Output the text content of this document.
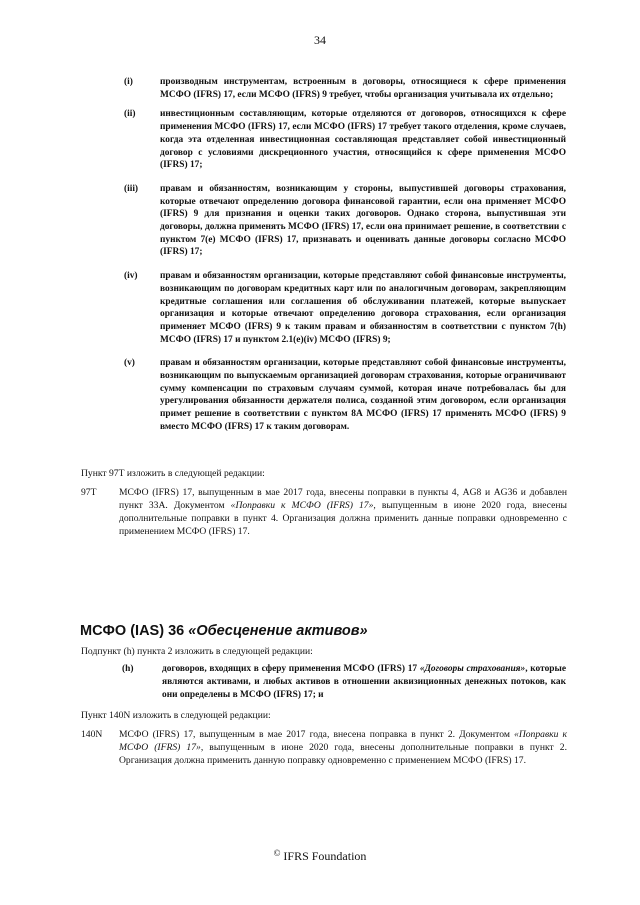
34
(i)	производным инструментам, встроенным в договоры, относящиеся к сфере применения МСФО (IFRS) 17, если МСФО (IFRS) 9 требует, чтобы организация учитывала их отдельно;
(ii)	инвестиционным составляющим, которые отделяются от договоров, относящихся к сфере применения МСФО (IFRS) 17, если МСФО (IFRS) 17 требует такого отделения, кроме случаев, когда эта отделенная инвестиционная составляющая представляет собой инвестиционный договор с условиями дискреционного участия, относящийся к сфере применения МСФО (IFRS) 17;
(iii) правам и обязанностям, возникающим у стороны, выпустившей договоры страхования, которые отвечают определению договора финансовой гарантии, если она применяет МСФО (IFRS) 9 для признания и оценки таких договоров. Однако сторона, выпустившая эти договоры, должна применять МСФО (IFRS) 17, если она принимает решение, в соответствии с пунктом 7(е) МСФО (IFRS) 17, признавать и оценивать данные договоры согласно МСФО (IFRS) 17;
(iv) правам и обязанностям организации, которые представляют собой финансовые инструменты, возникающим по договорам кредитных карт или по аналогичным договорам, закрепляющим кредитные соглашения или соглашения об обслуживании платежей, которые выпускает организация и которые отвечают определению договора страхования, если организация применяет МСФО (IFRS) 9 к таким правам и обязанностям в соответствии с пунктом 7(h) МСФО (IFRS) 17 и пунктом 2.1(е)(iv) МСФО (IFRS) 9;
(v)	правам и обязанностям организации, которые представляют собой финансовые инструменты, возникающим по выпускаемым организацией договорам страхования, которые ограничивают сумму компенсации по страховым случаям суммой, которая иначе потребовалась бы для урегулирования обязанности держателя полиса, созданной этим договором, если организация примет решение в соответствии с пунктом 8А МСФО (IFRS) 17 применять МСФО (IFRS) 9 вместо МСФО (IFRS) 17 к таким договорам.
Пункт 97Т изложить в следующей редакции:
97Т МСФО (IFRS) 17, выпущенным в мае 2017 года, внесены поправки в пункты 4, AG8 и AG36 и добавлен пункт 33А. Документом «Поправки к МСФО (IFRS) 17», выпущенным в июне 2020 года, внесены дополнительные поправки в пункт 4. Организация должна применить данные поправки одновременно с применением МСФО (IFRS) 17.
МСФО (IAS) 36 «Обесценение активов»
Подпункт (h) пункта 2 изложить в следующей редакции:
(h)	договоров, входящих в сферу применения МСФО (IFRS) 17 «Договоры страхования», которые являются активами, и любых активов в отношении аквизиционных денежных потоков, как они определены в МСФО (IFRS) 17; и
Пункт 140N изложить в следующей редакции:
140N МСФО (IFRS) 17, выпущенным в мае 2017 года, внесена поправка в пункт 2. Документом «Поправки к МСФО (IFRS) 17», выпущенным в июне 2020 года, внесены дополнительные поправки в пункт 2. Организация должна применить данную поправку одновременно с применением МСФО (IFRS) 17.
© IFRS Foundation
